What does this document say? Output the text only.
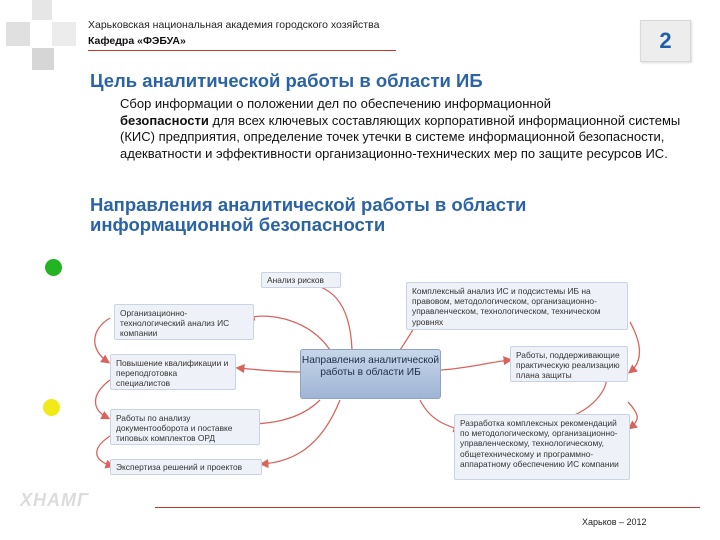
Харьковская национальная академия городского хозяйства
Кафедра «ФЭБУА»	2
Цель аналитической работы в области ИБ
Сбор информации о положении дел по обеспечению информационной
безопасности для всех ключевых составляющих корпоративной информационной системы (КИС) предприятия, определение точек утечки в системе информационной безопасности, адекватности и эффективности организационно-технических мер по защите ресурсов ИС.
Направления аналитической работы в области информационной безопасности
Анализ рисков
Организационно-технологический анализ ИС компании
Повышение квалификации и переподготовка специалистов
Работы по анализу документооборота и поставке типовых комплектов ОРД
Экспертиза решений и проектов
Комплексный анализ ИС и подсистемы ИБ на правовом, методологическом, организационно-управленческом, технологическом, техническом уровнях
Работы, поддерживающие практическую реализацию плана защиты
Разработка комплексных рекомендаций по методологическому, организационно-управленческому, технологическому, общетехническому и программно-аппаратному обеспечению ИС компании
Направления аналитической работы в области ИБ
ХНАМГ
Харьков – 2012
